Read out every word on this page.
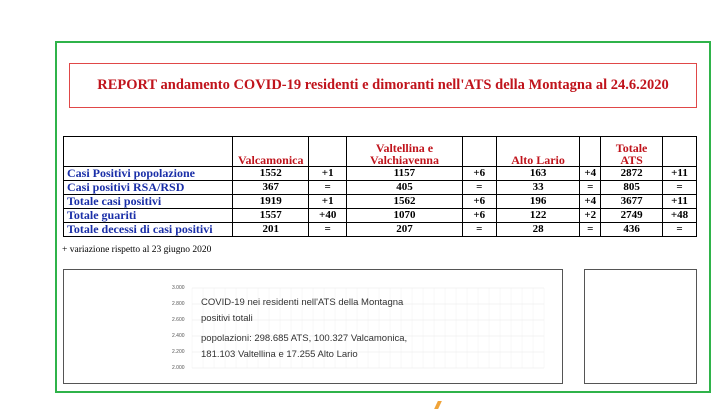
REPORT andamento COVID-19 residenti e dimoranti nell'ATS della Montagna al 24.6.2020
	Valcamonica		Valtellina e
Valchiavenna		Alto Lario		Totale ATS	
Casi Positivi popolazione	1552	+1	1157	+6	163	+4	2872	+11
Casi positivi RSA/RSD	367	=	405	=	33	=	805	=
Totale casi positivi	1919	+1	1562	+6	196	+4	3677	+11
Totale guariti	1557	+40	1070	+6	122	+2	2749	+48
Totale decessi di casi positivi	201	=	207	=	28	=	436	=
+ variazione rispetto al 23 giugno 2020
3.000
2.800
2.600
2.400
2.200
2.000
COVID-19 nei residenti nell'ATS della Montagna
positivi totali
popolazioni: 298.685 ATS, 100.327 Valcamonica,
181.103 Valtellina e 17.255 Alto Lario
